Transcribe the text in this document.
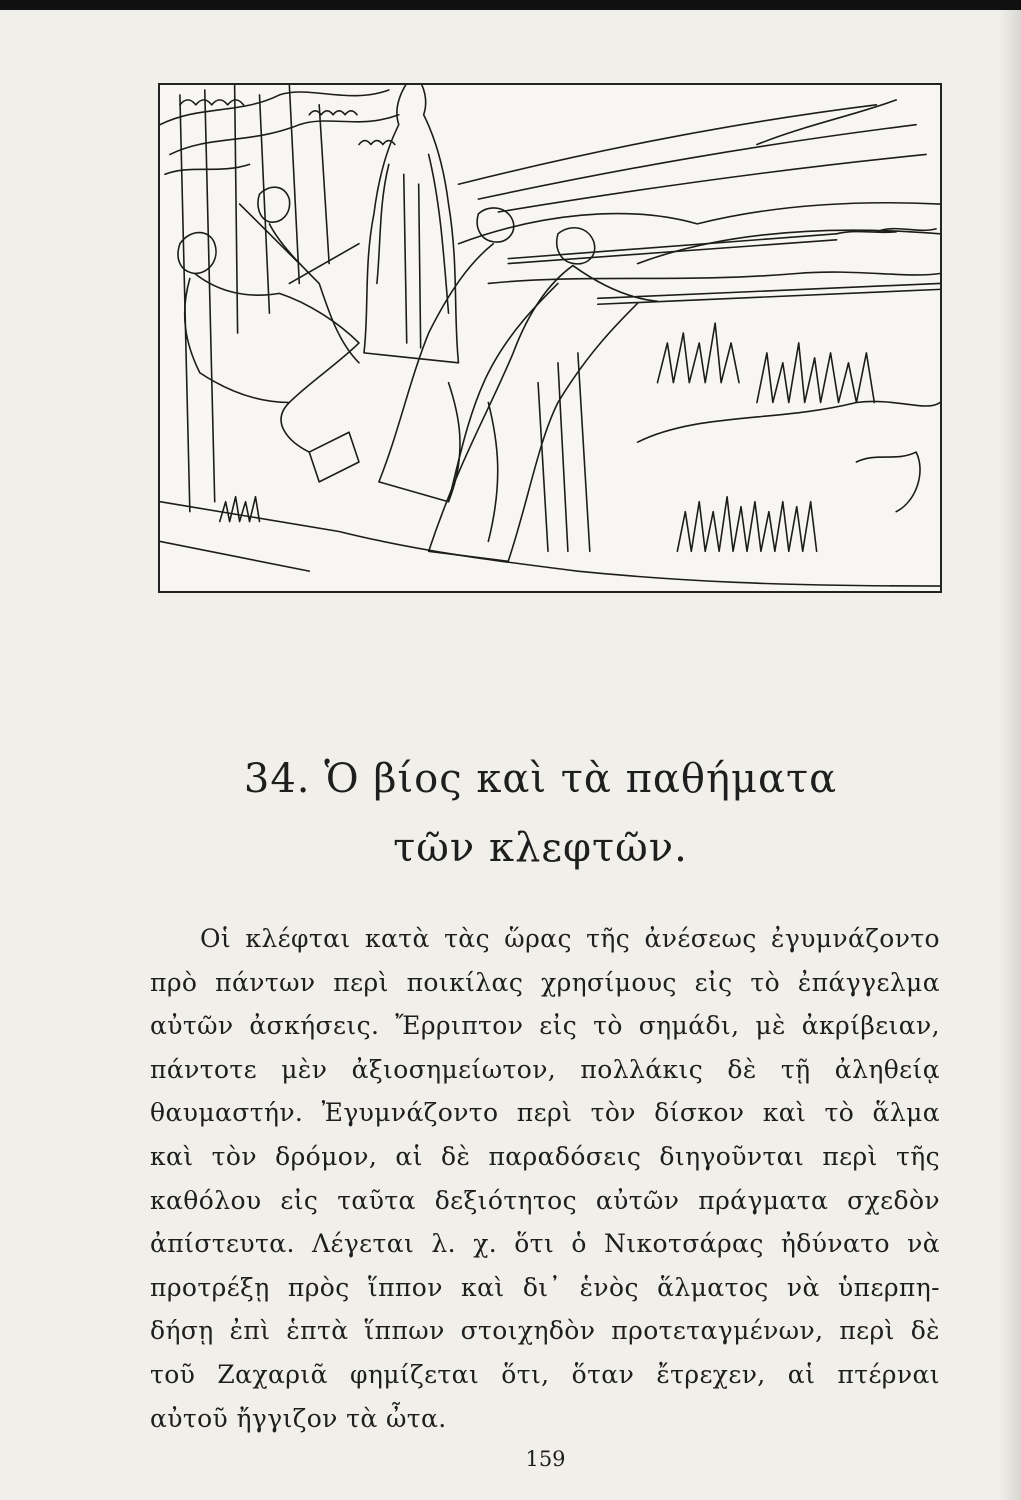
34. Ὁ βίος καὶ τὰ παθήματα
τῶν κλεφτῶν.
Οἱ κλέφται κατὰ τὰς ὥρας τῆς ἀνέσεως ἐγυμνάζοντο
πρὸ πάντων περὶ ποικίλας χρησίμους εἰς τὸ ἐπάγγελμα
αὐτῶν ἀσκήσεις. Ἔρριπτον εἰς τὸ σημάδι, μὲ ἀκρίβειαν,
πάντοτε μὲν ἀξιοσημείωτον, πολλάκις δὲ τῇ ἀληθείᾳ
θαυμαστήν. Ἐγυμνάζοντο περὶ τὸν δίσκον καὶ τὸ ἅλμα
καὶ τὸν δρόμον, αἱ δὲ παραδόσεις διηγοῦνται περὶ τῆς
καθόλου εἰς ταῦτα δεξιότητος αὐτῶν πράγματα σχεδὸν
ἀπίστευτα. Λέγεται λ. χ. ὅτι ὁ Νικοτσάρας ἠδύνατο νὰ
προτρέξῃ πρὸς ἵππον καὶ δι᾽ ἑνὸς ἅλματος νὰ ὑπερπη-
δήσῃ ἐπὶ ἑπτὰ ἵππων στοιχηδὸν προτεταγμένων, περὶ δὲ
τοῦ Ζαχαριᾶ φημίζεται ὅτι, ὅταν ἔτρεχεν, αἱ πτέρναι
αὐτοῦ ἤγγιζον τὰ ὦτα.
159
